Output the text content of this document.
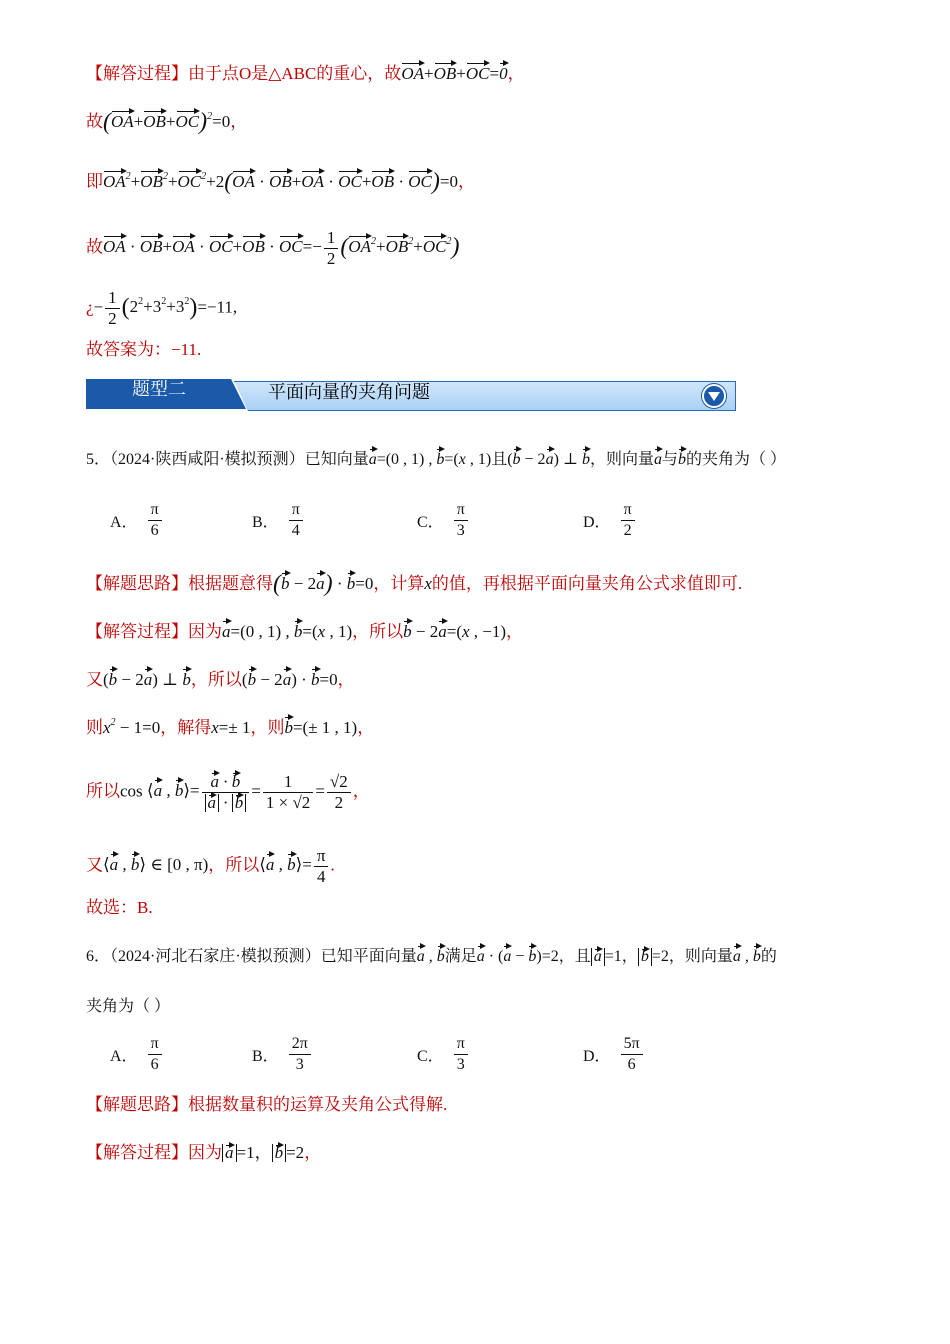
【解答过程】由于点O是△ABC的重心，故OA+OB+OC=0，
故$(OA+OB+OC)^2=0$，
即$OA^2+OB^2+OC^2+2(OA \cdot OB+OA \cdot OC+OB \cdot OC)=0$，
故OA · $OB+OA \cdot OC+OB \cdot OC=- \frac{1}{2} (OA^2+OB^2+OC^2)$
¿− $\frac{1}{2} (2^2+3^2+3^2)=-11$,
故答案为：−11.
题型二	平面向量的夹角问题
5．（2024·陕西咸阳·模拟预测）已知向量a=(0 , 1) , b=(x , 1)且(b − 2a) ⊥ b，则向量a与b的夹角为（ ）
A． $\frac{\pi}{6}$	B． $\frac{\pi}{4}$	C． $\frac{\pi}{3}$	D． $\frac{\pi}{2}$
【解题思路】根据题意得(b − 2a) · b=0，计算x的值，再根据平面向量夹角公式求值即可.
【解答过程】因为a=(0 , 1) , b=(x , 1)，所以b − 2a=(x , −1)，
又(b − 2a) ⊥ b，所以(b − 2a) · b=0，
则$x^2 - 1=0$，解得x=± 1，则b=(± 1 , 1)，
所以cos ⟨a , b⟩= $\frac{a \cdot b}{a \cdot b} = \frac{1}{1 \times √2} = \frac{√2}{2}$ ，
又⟨a , b⟩ ∈ [0 , π)，所以⟨a , b⟩= $\frac{\pi}{4}$ .
故选：B.
6．（2024·河北石家庄·模拟预测）已知平面向量a , b满足a · (a − b)=2，且 a =1， b =2，则向量a , b的
夹角为（ ）
A． $\frac{\pi}{6}$	B． $\frac{2\pi}{3}$	C． $\frac{\pi}{3}$	D． $\frac{5\pi}{6}$
【解题思路】根据数量积的运算及夹角公式得解.
【解答过程】因为 a =1， b =2，
